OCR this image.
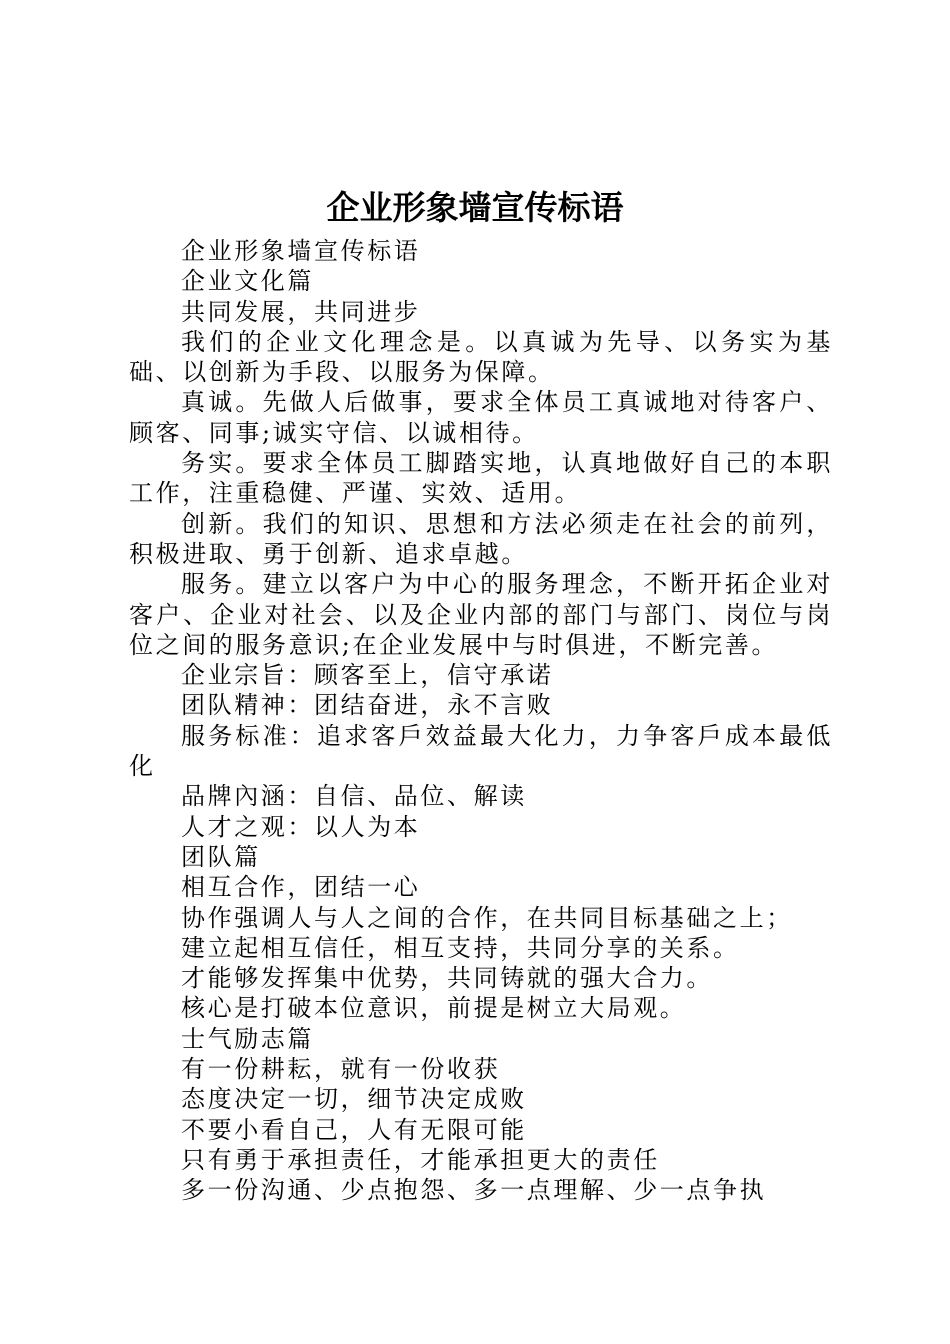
企业形象墙宣传标语

企业形象墙宣传标语

企业文化篇

共同发展，共同进步

我们的企业文化理念是。以真诚为先导、以务实为基础、以创新为手段、以服务为保障。

真诚。先做人后做事，要求全体员工真诚地对待客户、顾客、同事;诚实守信、以诚相待。

务实。要求全体员工脚踏实地，认真地做好自己的本职工作，注重稳健、严谨、实效、适用。

创新。我们的知识、思想和方法必须走在社会的前列，积极进取、勇于创新、追求卓越。

服务。建立以客户为中心的服务理念，不断开拓企业对客户、企业对社会、以及企业内部的部门与部门、岗位与岗位之间的服务意识;在企业发展中与时俱进，不断完善。

企业宗旨：顾客至上，信守承诺

团队精神：团结奋进，永不言败

服务标准：追求客戶效益最大化力，力争客戶成本最低化

品牌內涵：自信、品位、解读

人才之观：以人为本

团队篇

相互合作，团结一心

协作强调人与人之间的合作，在共同目标基础之上；

建立起相互信任，相互支持，共同分享的关系。

才能够发挥集中优势，共同铸就的强大合力。

核心是打破本位意识，前提是树立大局观。

士气励志篇

有一份耕耘，就有一份收获

态度决定一切，细节决定成败

不要小看自己，人有无限可能

只有勇于承担责任，才能承担更大的责任

多一份沟通、少点抱怨、多一点理解、少一点争执
